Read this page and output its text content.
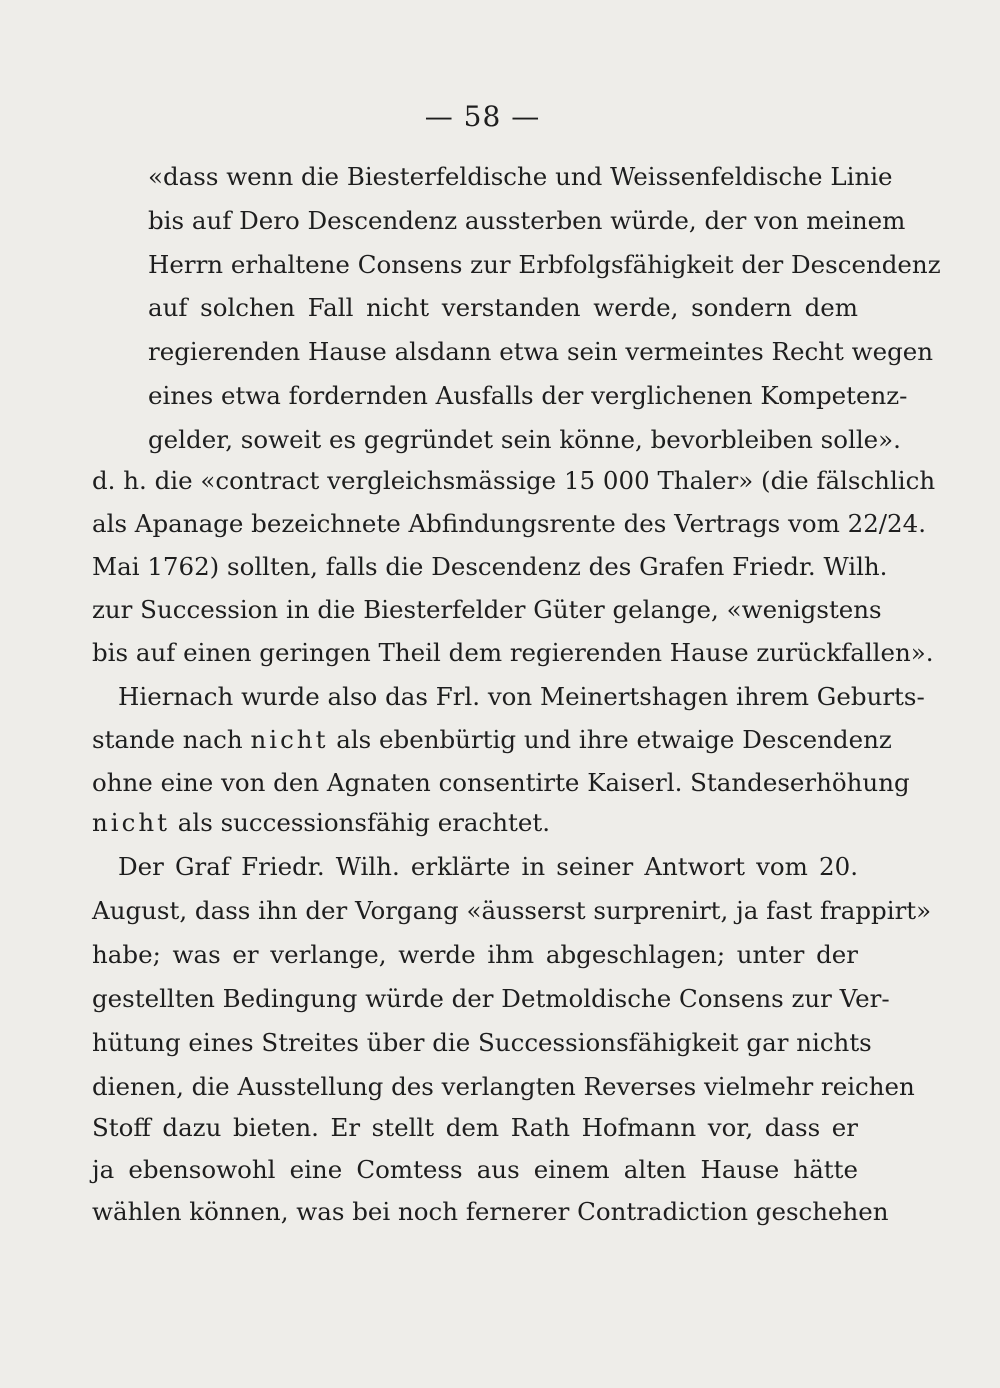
— 58 —
«dass wenn die Biesterfeldische und Weissenfeldische Linie
bis auf Dero Descendenz aussterben würde, der von meinem
Herrn erhaltene Consens zur Erbfolgsfähigkeit der Descendenz
auf solchen Fall nicht verstanden werde, sondern dem
regierenden Hause alsdann etwa sein vermeintes Recht wegen
eines etwa fordernden Ausfalls der verglichenen Kompetenz-
gelder, soweit es gegründet sein könne, bevorbleiben solle».
d. h. die «contract vergleichsmässige 15 000 Thaler» (die fälschlich
als Apanage bezeichnete Abfindungsrente des Vertrags vom 22/24.
Mai 1762) sollten, falls die Descendenz des Grafen Friedr. Wilh.
zur Succession in die Biesterfelder Güter gelange, «wenigstens
bis auf einen geringen Theil dem regierenden Hause zurückfallen».
Hiernach wurde also das Frl. von Meinertshagen ihrem Geburts-
stande nach nicht als ebenbürtig und ihre etwaige Descendenz
ohne eine von den Agnaten consentirte Kaiserl. Standeserhöhung
nicht als successionsfähig erachtet.
Der Graf Friedr. Wilh. erklärte in seiner Antwort vom 20.
August, dass ihn der Vorgang «äusserst surprenirt, ja fast frappirt»
habe; was er verlange, werde ihm abgeschlagen; unter der
gestellten Bedingung würde der Detmoldische Consens zur Ver-
hütung eines Streites über die Successionsfähigkeit gar nichts
dienen, die Ausstellung des verlangten Reverses vielmehr reichen
Stoff dazu bieten. Er stellt dem Rath Hofmann vor, dass er
ja ebensowohl eine Comtess aus einem alten Hause hätte
wählen können, was bei noch fernerer Contradiction geschehen
